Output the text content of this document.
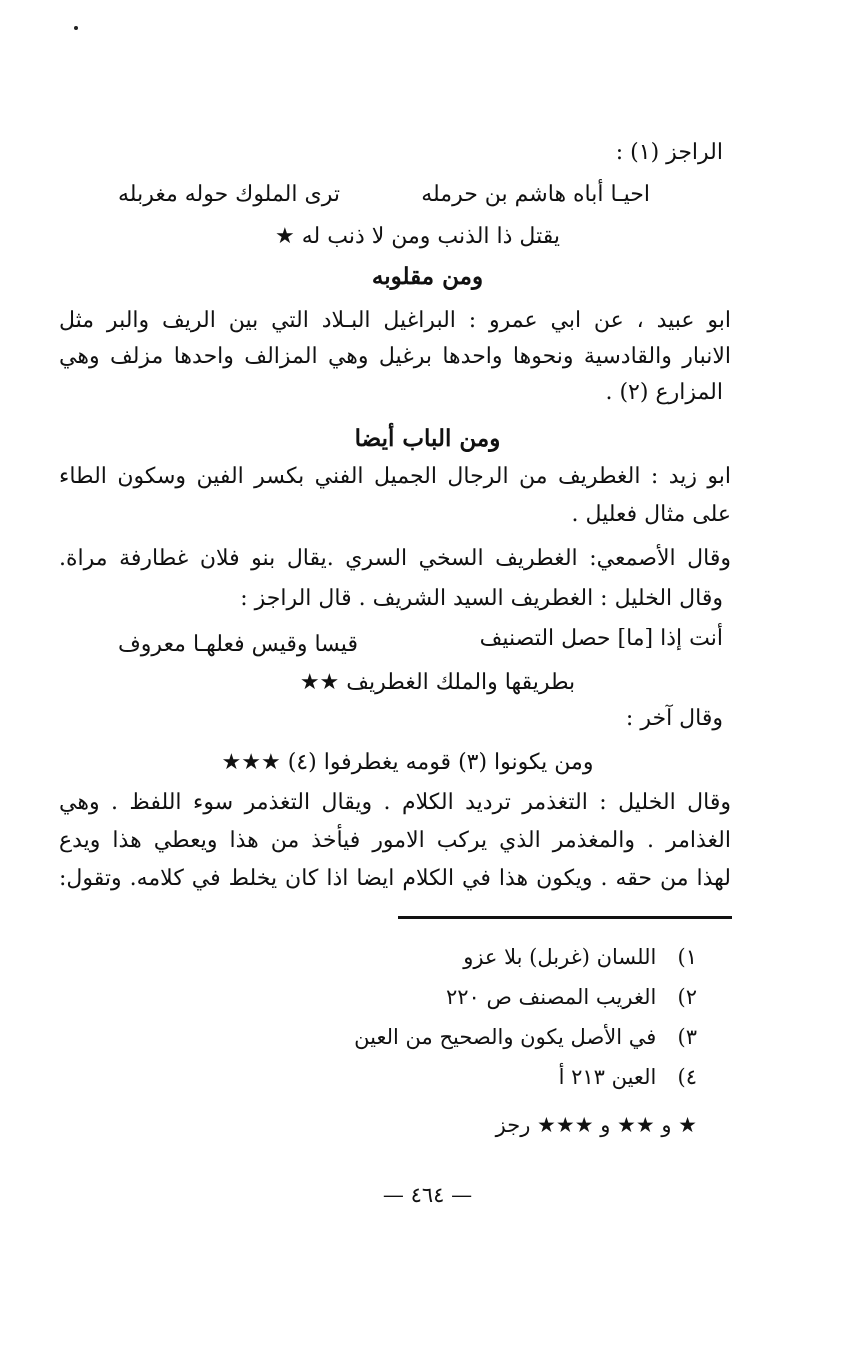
الراجز (١) :
احيـا أباه هاشم بن حرمله
ترى الملوك حوله مغربله
يقتل ذا الذنب ومن لا ذنب له ★
ومن مقلوبه
ابو عبيد ، عن ابي عمرو : البراغيل البـلاد التي بين الريف والبر مثل
الانبار والقادسية ونحوها واحدها برغيل وهي المزالف واحدها مزلف وهي
المزارع (٢) .
ومن الباب أيضا
ابو زيد : الغطريف من الرجال الجميل الفني بكسر الفين وسكون الطاء
على مثال فعليل .
وقال الأصمعي: الغطريف السخي السري .يقال بنو فلان غطارفة مراة.
وقال الخليل : الغطريف السيد الشريف . قال الراجز :
أنت إذا [ما] حصل التصنيف
قيسا وقيس فعلهـا معروف
بطريقها والملك الغطريف ★★
وقال آخر :
ومن يكونوا (٣) قومه يغطرفوا (٤) ★★★
وقال الخليل : التغذمر ترديد الكلام . ويقال التغذمر سوء اللفظ . وهي
الغذامر . والمغذمر الذي يركب الامور فيأخذ من هذا ويعطي هذا ويدع
لهذا من حقه . ويكون هذا في الكلام ايضا اذا كان يخلط في كلامه. وتقول:
١) اللسان (غربل) بلا عزو
٢) الغريب المصنف ص ٢٢٠
٣) في الأصل يكون والصحيح من العين
٤) العين ٢١٣ أ
★ و ★★ و ★★★ رجز
— ٤٦٤ —
